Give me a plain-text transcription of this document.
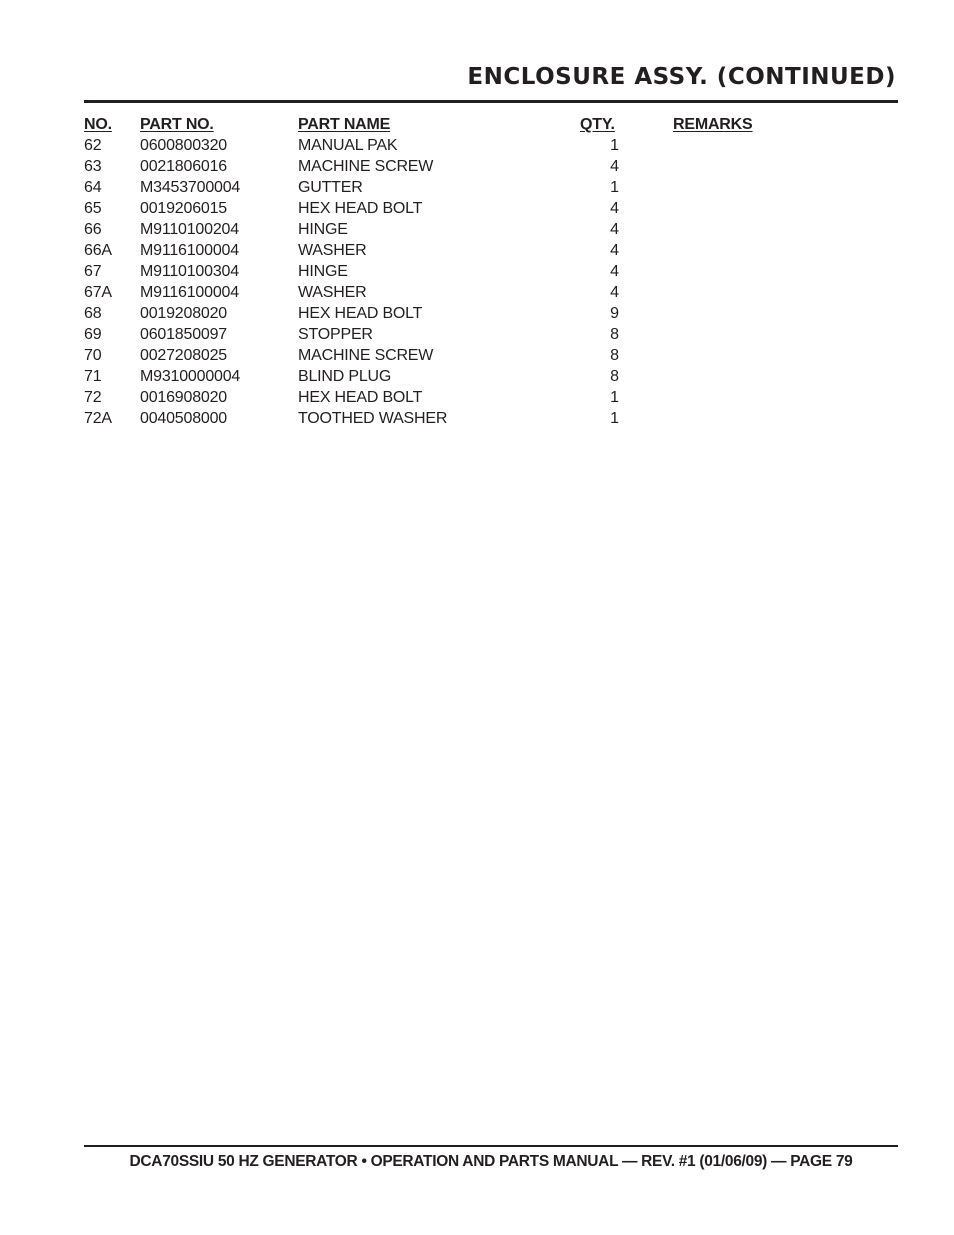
ENCLOSURE ASSY. (CONTINUED)
NO.	PART NO.	PART NAME	QTY.	REMARKS
62	0600800320	MANUAL PAK	1	
63	0021806016	MACHINE SCREW	4	
64	M3453700004	GUTTER	1	
65	0019206015	HEX HEAD BOLT	4	
66	M9110100204	HINGE	4	
66A	M9116100004	WASHER	4	
67	M9110100304	HINGE	4	
67A	M9116100004	WASHER	4	
68	0019208020	HEX HEAD BOLT	9	
69	0601850097	STOPPER	8	
70	0027208025	MACHINE SCREW	8	
71	M9310000004	BLIND PLUG	8	
72	0016908020	HEX HEAD BOLT	1	
72A	0040508000	TOOTHED WASHER	1	
DCA70SSIU 50 HZ GENERATOR • OPERATION AND PARTS MANUAL — REV. #1 (01/06/09) — PAGE 79
